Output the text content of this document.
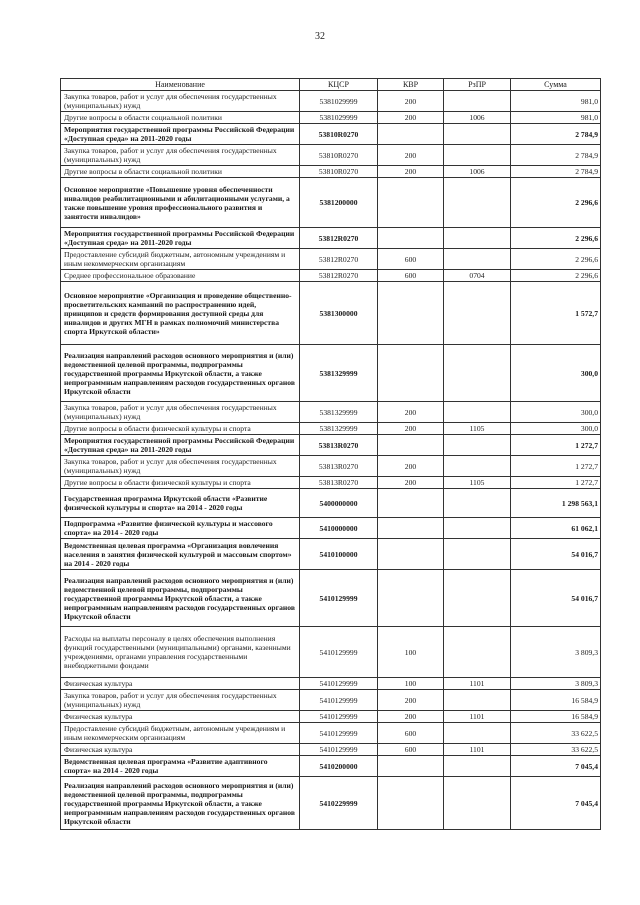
32
Наименование	КЦСР	КВР	РзПР	Сумма
Закупка товаров, работ и услуг для обеспечения государственных (муниципальных) нужд	5381029999	200		981,0
Другие вопросы в области социальной политики	5381029999	200	1006	981,0
Мероприятия государственной программы Российской Федерации «Доступная среда» на 2011-2020 годы	53810R0270			2 784,9
Закупка товаров, работ и услуг для обеспечения государственных (муниципальных) нужд	53810R0270	200		2 784,9
Другие вопросы в области социальной политики	53810R0270	200	1006	2 784,9
Основное мероприятие «Повышение уровня обеспеченности инвалидов реабилитационными и абилитационными услугами, а также повышение уровня профессионального развития и занятости инвалидов»	5381200000			2 296,6
Мероприятия государственной программы Российской Федерации «Доступная среда» на 2011-2020 годы	53812R0270			2 296,6
Предоставление субсидий бюджетным, автономным учреждениям и иным некоммерческим организациям	53812R0270	600		2 296,6
Среднее профессиональное образование	53812R0270	600	0704	2 296,6
Основное мероприятие «Организация и проведение общественно-просветительских кампаний по распространению идей, принципов и средств формирования доступной среды для инвалидов и других МГН в рамках полномочий министерства спорта Иркутской области»	5381300000			1 572,7
Реализация направлений расходов основного мероприятия и (или) ведомственной целевой программы, подпрограммы государственной программы Иркутской области, а также непрограммным направлениям расходов государственных органов Иркутской области	5381329999			300,0
Закупка товаров, работ и услуг для обеспечения государственных (муниципальных) нужд	5381329999	200		300,0
Другие вопросы в области физической культуры и спорта	5381329999	200	1105	300,0
Мероприятия государственной программы Российской Федерации «Доступная среда» на 2011-2020 годы	53813R0270			1 272,7
Закупка товаров, работ и услуг для обеспечения государственных (муниципальных) нужд	53813R0270	200		1 272,7
Другие вопросы в области физической культуры и спорта	53813R0270	200	1105	1 272,7
Государственная программа Иркутской области «Развитие физической культуры и спорта» на 2014 - 2020 годы	5400000000			1 298 563,1
Подпрограмма «Развитие физической культуры и массового спорта» на 2014 - 2020 годы	5410000000			61 062,1
Ведомственная целевая программа «Организация вовлечения населения в занятия физической культурой и массовым спортом» на 2014 - 2020 годы	5410100000			54 016,7
Реализация направлений расходов основного мероприятия и (или) ведомственной целевой программы, подпрограммы государственной программы Иркутской области, а также непрограммным направлениям расходов государственных органов Иркутской области	5410129999			54 016,7
Расходы на выплаты персоналу в целях обеспечения выполнения функций государственными (муниципальными) органами, казенными учреждениями, органами управления государственными внебюджетными фондами	5410129999	100		3 809,3
Физическая культура	5410129999	100	1101	3 809,3
Закупка товаров, работ и услуг для обеспечения государственных (муниципальных) нужд	5410129999	200		16 584,9
Физическая культура	5410129999	200	1101	16 584,9
Предоставление субсидий бюджетным, автономным учреждениям и иным некоммерческим организациям	5410129999	600		33 622,5
Физическая культура	5410129999	600	1101	33 622,5
Ведомственная целевая программа «Развитие адаптивного спорта» на 2014 - 2020 годы	5410200000			7 045,4
Реализация направлений расходов основного мероприятия и (или) ведомственной целевой программы, подпрограммы государственной программы Иркутской области, а также непрограммным направлениям расходов государственных органов Иркутской области	5410229999			7 045,4
